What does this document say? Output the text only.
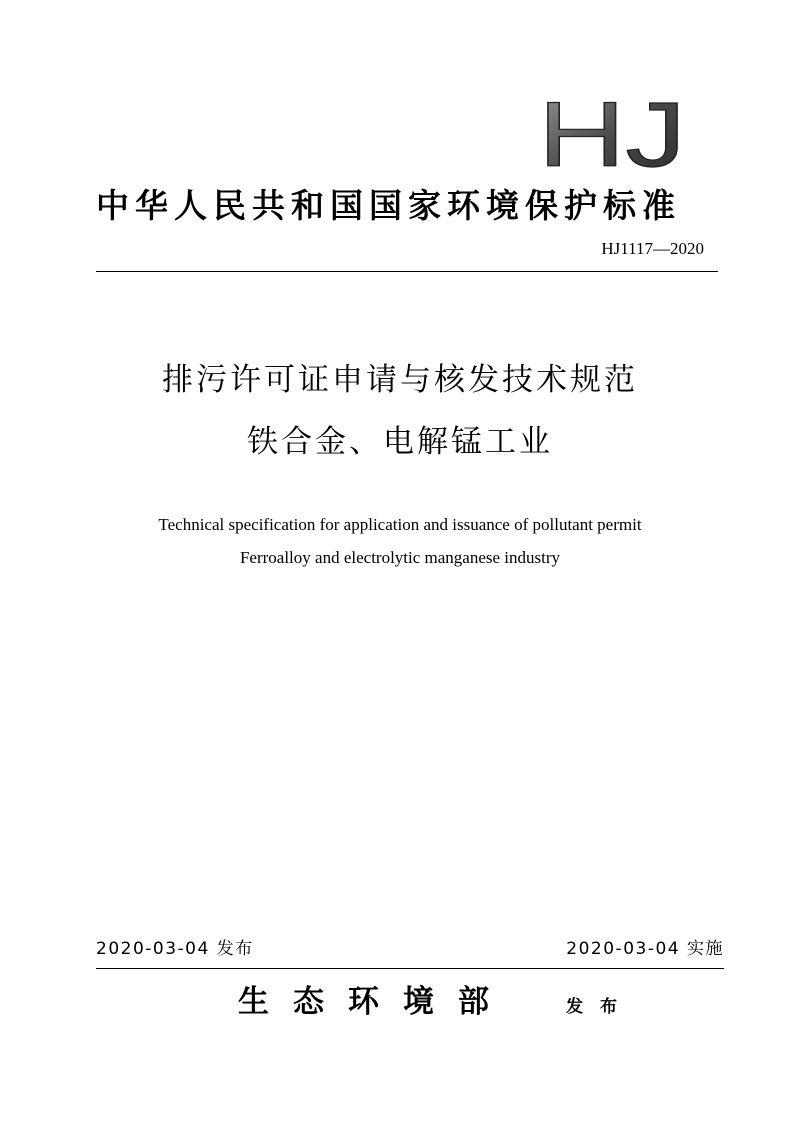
HJ
中华人民共和国国家环境保护标准
HJ1117—2020
排污许可证申请与核发技术规范
铁合金、电解锰工业
Technical specification for application and issuance of pollutant permit
Ferroalloy and electrolytic manganese industry
2020-03-04 发布	2020-03-04 实施
生态环境部	发布
